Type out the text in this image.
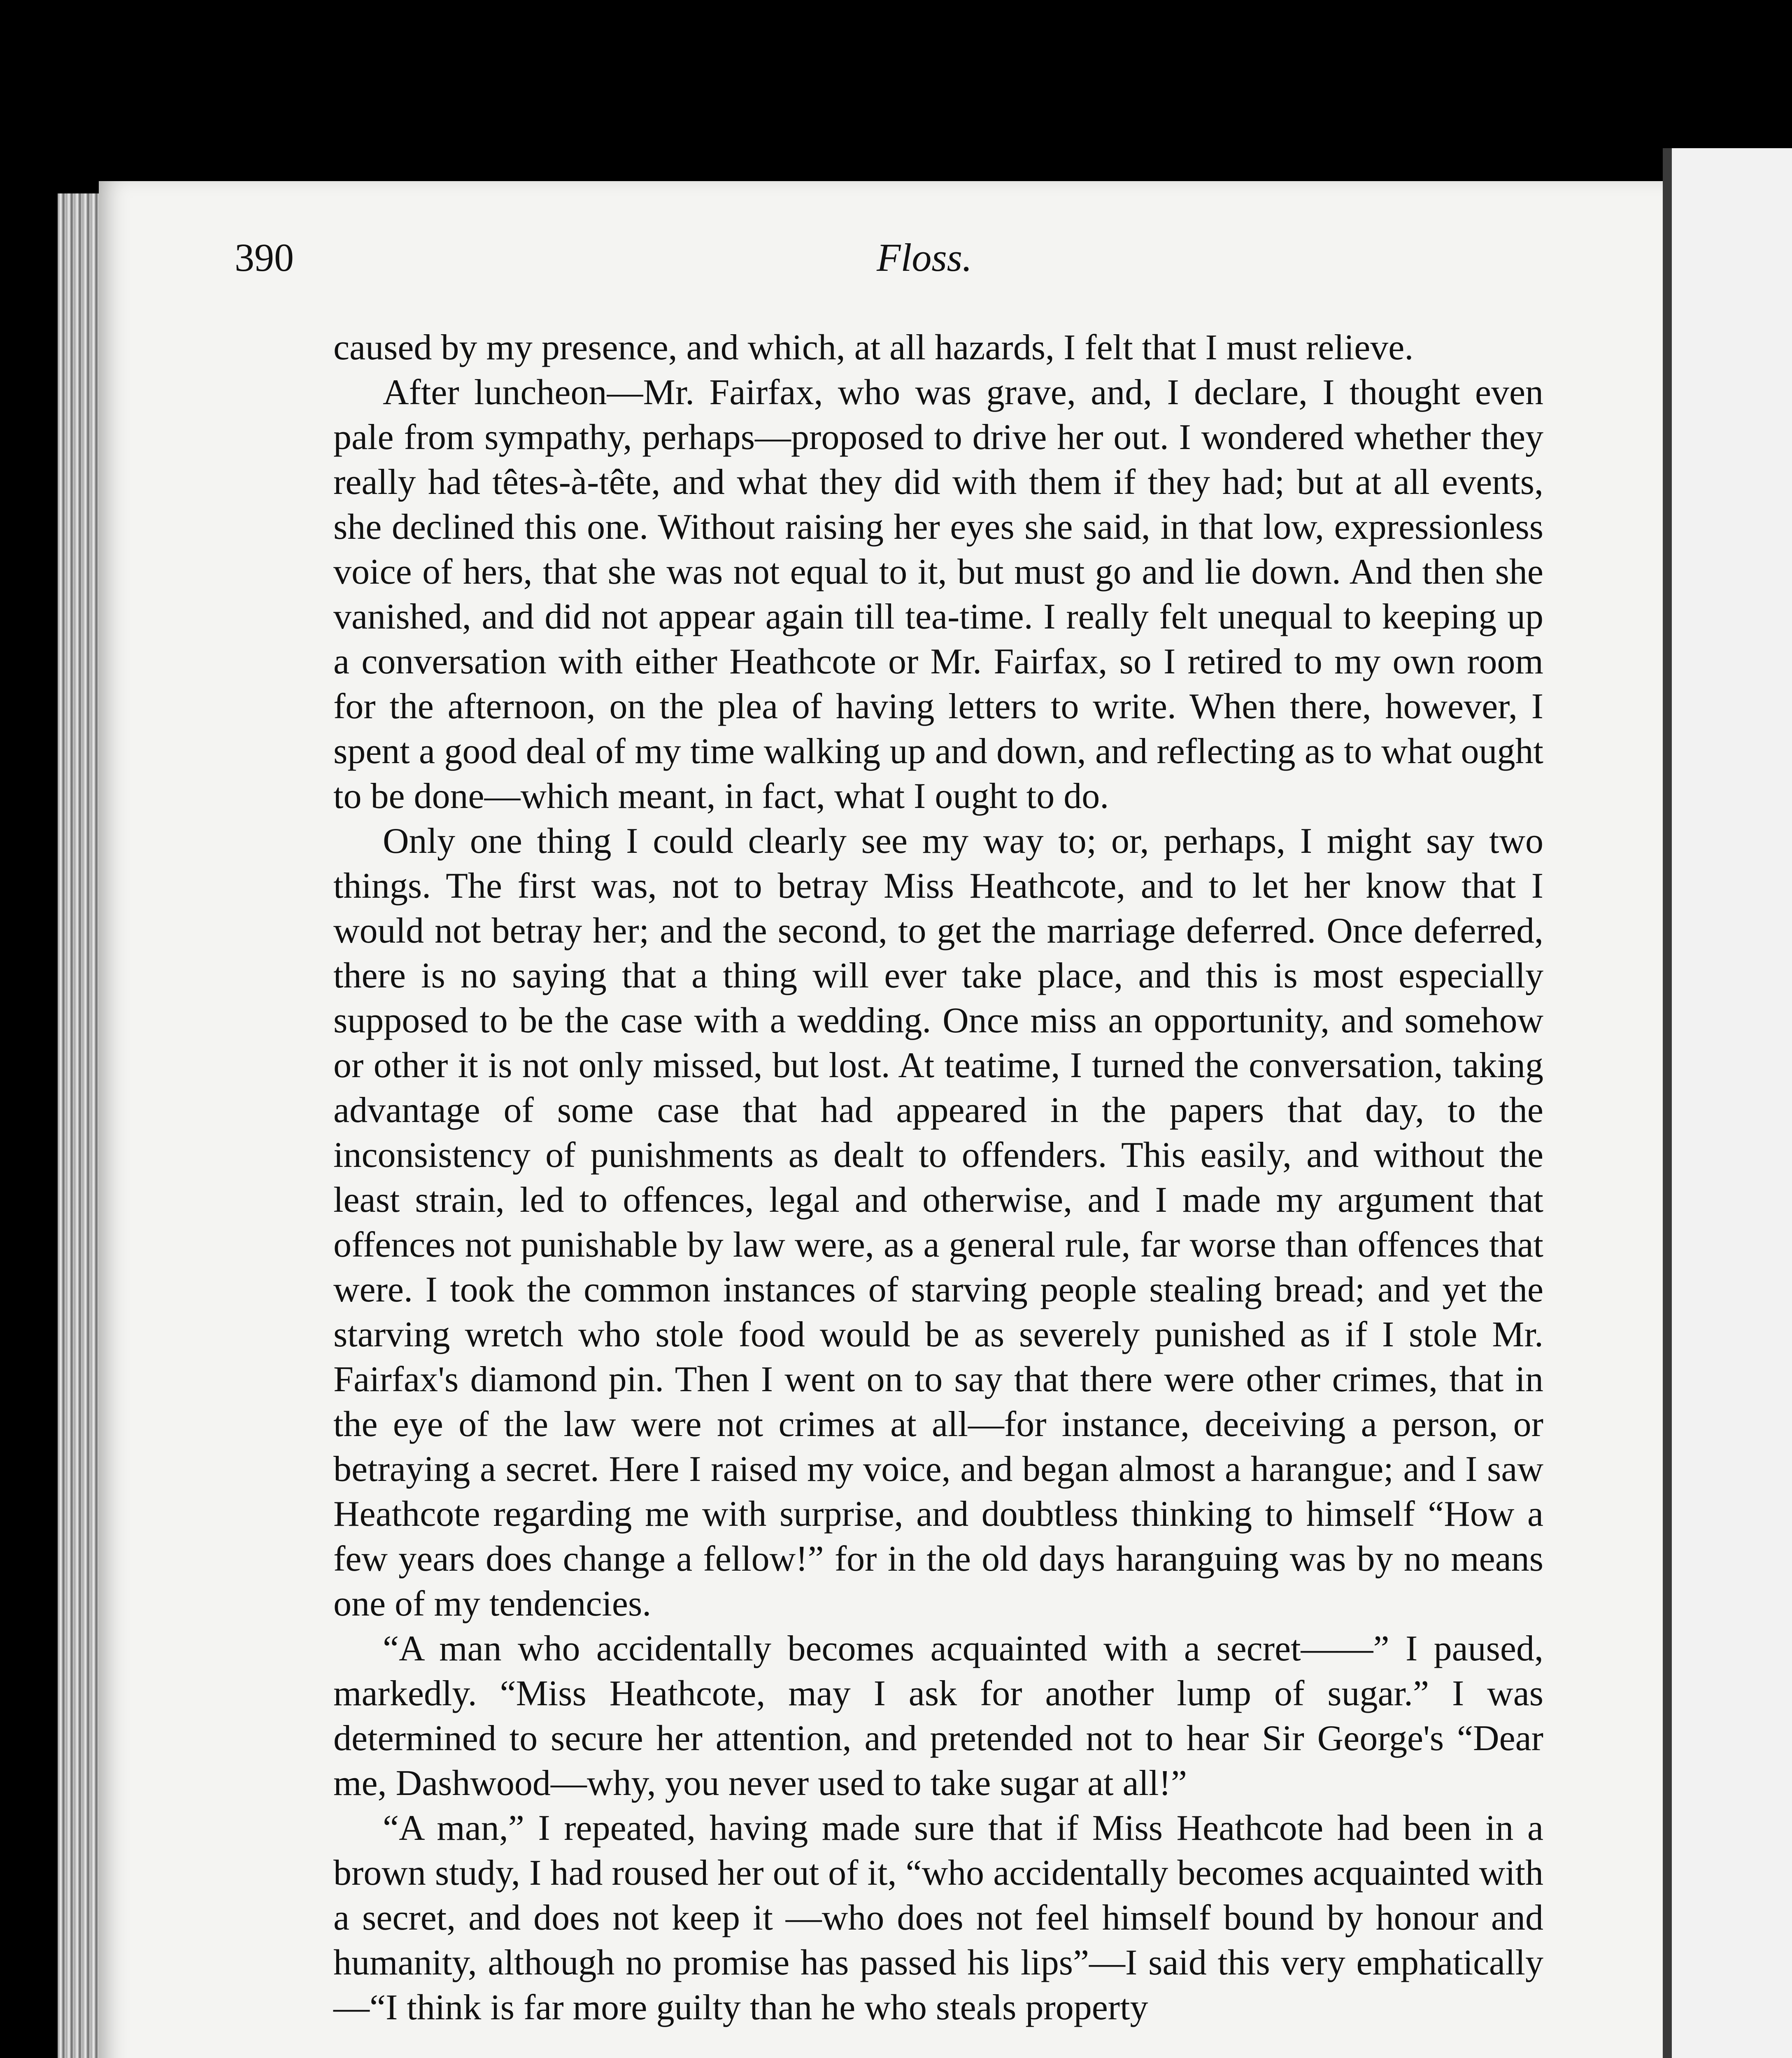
390	Floss.

caused by my presence, and which, at all hazards, I felt that I must relieve.

After luncheon—Mr. Fairfax, who was grave, and, I declare, I thought even pale from sympathy, perhaps—proposed to drive her out. I wondered whether they really had têtes-à-tête, and what they did with them if they had; but at all events, she declined this one. Without raising her eyes she said, in that low, expressionless voice of hers, that she was not equal to it, but must go and lie down. And then she vanished, and did not appear again till tea-time. I really felt unequal to keeping up a conversation with either Heathcote or Mr. Fairfax, so I retired to my own room for the afternoon, on the plea of having letters to write. When there, however, I spent a good deal of my time walking up and down, and reflecting as to what ought to be done—which meant, in fact, what I ought to do.

Only one thing I could clearly see my way to; or, perhaps, I might say two things. The first was, not to betray Miss Heathcote, and to let her know that I would not betray her; and the second, to get the marriage deferred. Once deferred, there is no saying that a thing will ever take place, and this is most especially supposed to be the case with a wedding. Once miss an opportunity, and somehow or other it is not only missed, but lost. At teatime, I turned the conversation, taking advantage of some case that had appeared in the papers that day, to the inconsistency of punishments as dealt to offenders. This easily, and without the least strain, led to offences, legal and otherwise, and I made my argument that offences not punishable by law were, as a general rule, far worse than offences that were. I took the common instances of starving people stealing bread; and yet the starving wretch who stole food would be as severely punished as if I stole Mr. Fairfax's diamond pin. Then I went on to say that there were other crimes, that in the eye of the law were not crimes at all—for instance, deceiving a person, or betraying a secret. Here I raised my voice, and began almost a harangue; and I saw Heathcote regarding me with surprise, and doubtless thinking to himself “How a few years does change a fellow!” for in the old days haranguing was by no means one of my tendencies.

“A man who accidentally becomes acquainted with a secret——” I paused, markedly. “Miss Heathcote, may I ask for another lump of sugar.” I was determined to secure her attention, and pretended not to hear Sir George's “Dear me, Dashwood—why, you never used to take sugar at all!”

“A man,” I repeated, having made sure that if Miss Heathcote had been in a brown study, I had roused her out of it, “who accidentally becomes acquainted with a secret, and does not keep it —who does not feel himself bound by honour and humanity, although no promise has passed his lips”—I said this very emphatically—“I think is far more guilty than he who steals property
